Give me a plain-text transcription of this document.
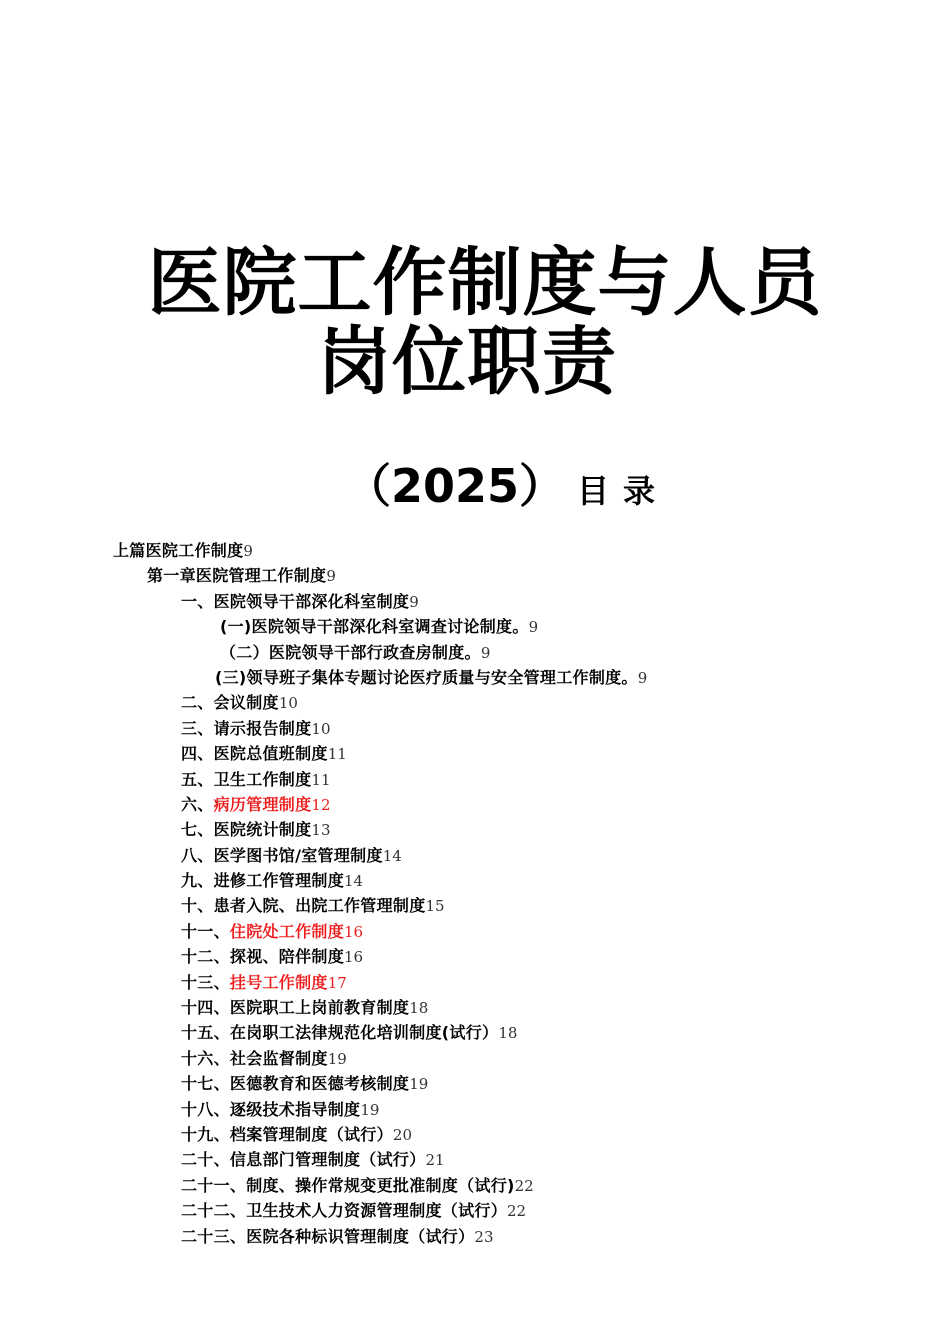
医院工作制度与人员
岗位职责
（2025） 目录
上篇医院工作制度9
第一章医院管理工作制度9
一、医院领导干部深化科室制度9
(一)医院领导干部深化科室调查讨论制度。9
（二）医院领导干部行政查房制度。9
(三)领导班子集体专题讨论医疗质量与安全管理工作制度。9
二、会议制度10
三、请示报告制度10
四、医院总值班制度11
五、卫生工作制度11
六、病历管理制度12
七、医院统计制度13
八、医学图书馆/室管理制度14
九、进修工作管理制度14
十、患者入院、出院工作管理制度15
十一、住院处工作制度16
十二、探视、陪伴制度16
十三、挂号工作制度17
十四、医院职工上岗前教育制度18
十五、在岗职工法律规范化培训制度(试行）18
十六、社会监督制度19
十七、医德教育和医德考核制度19
十八、逐级技术指导制度19
十九、档案管理制度（试行）20
二十、信息部门管理制度（试行）21
二十一、制度、操作常规变更批准制度（试行)22
二十二、卫生技术人力资源管理制度（试行）22
二十三、医院各种标识管理制度（试行）23
